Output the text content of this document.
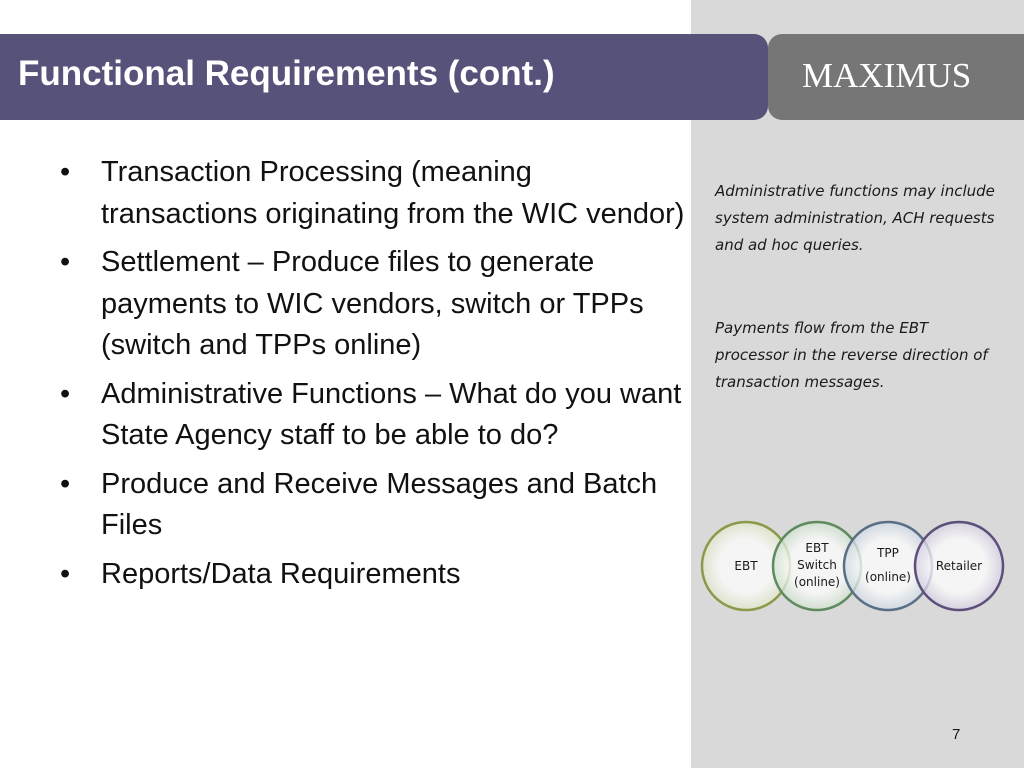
Functional Requirements (cont.)	MAXIMUS
• Transaction Processing (meaning transactions originating from the WIC vendor)
• Settlement – Produce files to generate payments to WIC vendors, switch or TPPs (switch and TPPs online)
• Administrative Functions – What do you want State Agency staff to be able to do?
• Produce and Receive Messages and Batch Files
• Reports/Data Requirements
Administrative functions may include system administration, ACH requests and ad hoc queries.
Payments flow from the EBT processor in the reverse direction of transaction messages.
EBT
EBT
Switch
(online)
TPP
(online)
Retailer
7
